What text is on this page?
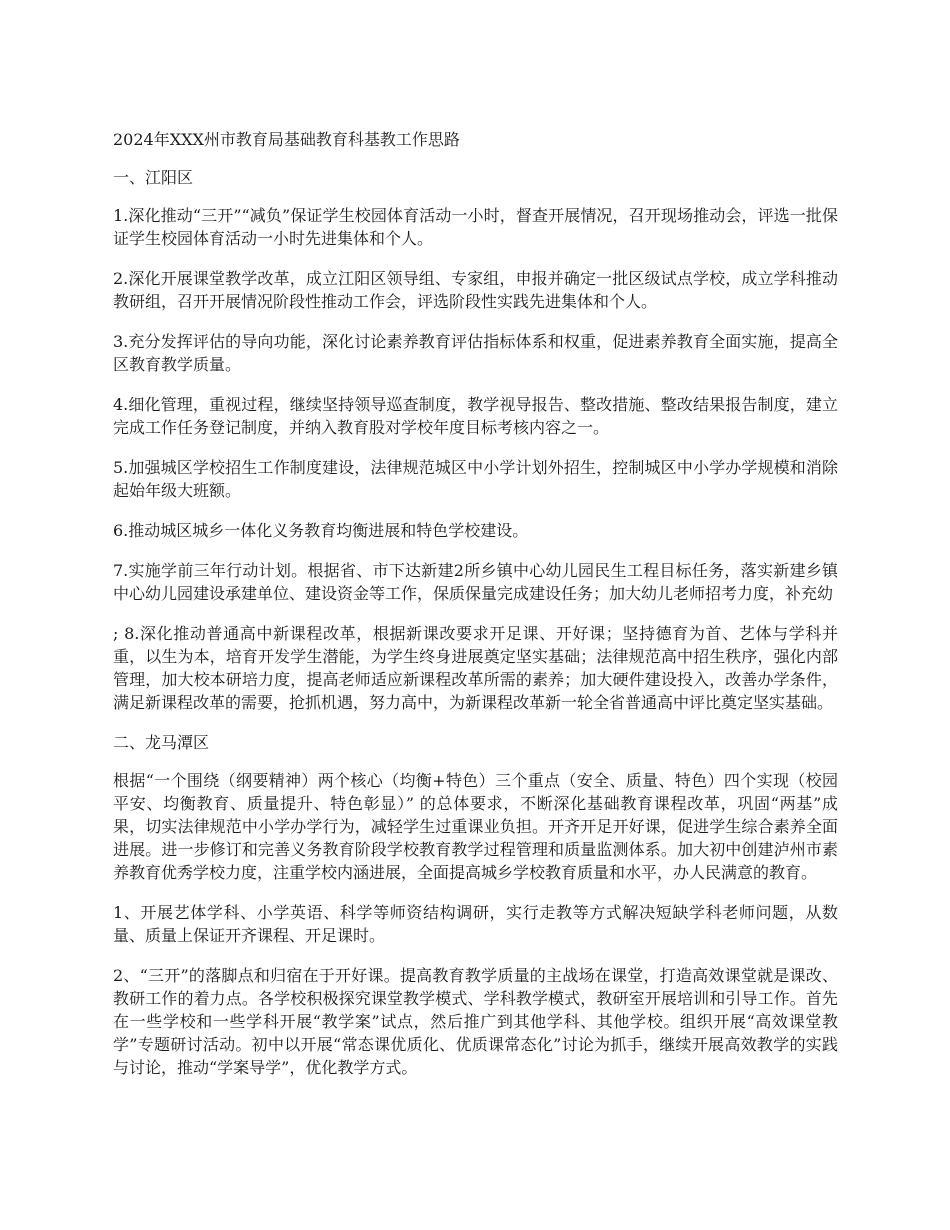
2024年XXX州市教育局基础教育科基教工作思路

一、江阳区

1.深化推动“三开”“减负”保证学生校园体育活动一小时，督查开展情况，召开现场推动会，评选一批保证学生校园体育活动一小时先进集体和个人。

2.深化开展课堂教学改革，成立江阳区领导组、专家组，申报并确定一批区级试点学校，成立学科推动教研组，召开开展情况阶段性推动工作会，评选阶段性实践先进集体和个人。

3.充分发挥评估的导向功能，深化讨论素养教育评估指标体系和权重，促进素养教育全面实施，提高全区教育教学质量。

4.细化管理，重视过程，继续坚持领导巡查制度，教学视导报告、整改措施、整改结果报告制度，建立完成工作任务登记制度，并纳入教育股对学校年度目标考核内容之一。

5.加强城区学校招生工作制度建设，法律规范城区中小学计划外招生，控制城区中小学办学规模和消除起始年级大班额。

6.推动城区城乡一体化义务教育均衡进展和特色学校建设。

7.实施学前三年行动计划。根据省、市下达新建2所乡镇中心幼儿园民生工程目标任务，落实新建乡镇中心幼儿园建设承建单位、建设资金等工作，保质保量完成建设任务；加大幼儿老师招考力度，补充幼

; 8.深化推动普通高中新课程改革，根据新课改要求开足课、开好课；坚持德育为首、艺体与学科并重，以生为本，培育开发学生潜能，为学生终身进展奠定坚实基础；法律规范高中招生秩序，强化内部管理，加大校本研培力度，提高老师适应新课程改革所需的素养；加大硬件建设投入，改善办学条件，满足新课程改革的需要，抢抓机遇，努力高中，为新课程改革新一轮全省普通高中评比奠定坚实基础。

二、龙马潭区

根据“一个围绕（纲要精神）两个核心（均衡+特色）三个重点（安全、质量、特色）四个实现（校园平安、均衡教育、质量提升、特色彰显）” 的总体要求，不断深化基础教育课程改革，巩固“两基”成果，切实法律规范中小学办学行为，减轻学生过重课业负担。开齐开足开好课，促进学生综合素养全面进展。进一步修订和完善义务教育阶段学校教育教学过程管理和质量监测体系。加大初中创建泸州市素养教育优秀学校力度，注重学校内涵进展，全面提高城乡学校教育质量和水平，办人民满意的教育。

1、开展艺体学科、小学英语、科学等师资结构调研，实行走教等方式解决短缺学科老师问题，从数量、质量上保证开齐课程、开足课时。

2、“三开”的落脚点和归宿在于开好课。提高教育教学质量的主战场在课堂，打造高效课堂就是课改、教研工作的着力点。各学校积极探究课堂教学模式、学科教学模式，教研室开展培训和引导工作。首先在一些学校和一些学科开展“教学案”试点，然后推广到其他学科、其他学校。组织开展“高效课堂教学”专题研讨活动。初中以开展“常态课优质化、优质课常态化”讨论为抓手，继续开展高效教学的实践与讨论，推动“学案导学”，优化教学方式。
